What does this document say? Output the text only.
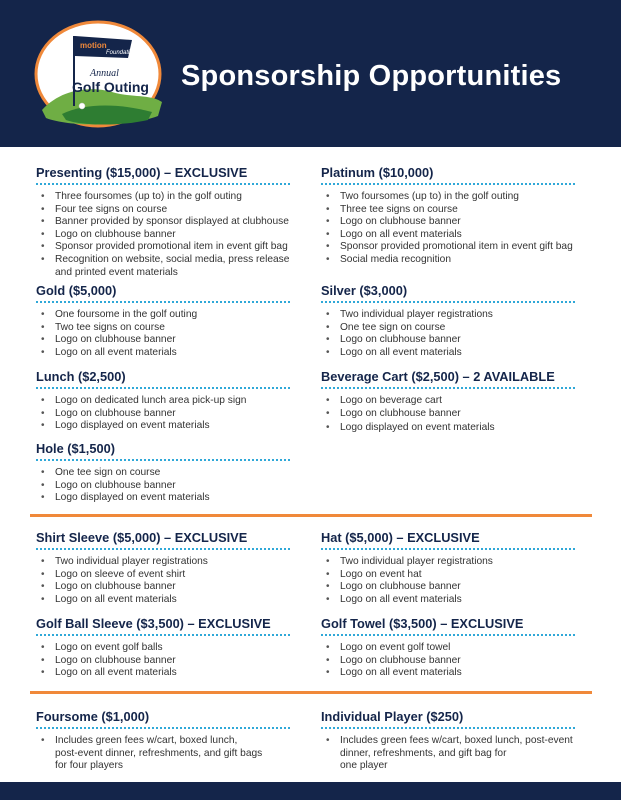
motion
Foundation
Annual
Golf Outing Sponsorship Opportunities
Presenting ($15,000) – EXCLUSIVE
• Three foursomes (up to) in the golf outing
• Four tee signs on course
• Banner provided by sponsor displayed at clubhouse
• Logo on clubhouse banner
• Sponsor provided promotional item in event gift bag
• Recognition on website, social media, press release
and printed event materials
Platinum ($10,000)
• Two foursomes (up to) in the golf outing
• Three tee signs on course
• Logo on clubhouse banner
• Logo on all event materials
• Sponsor provided promotional item in event gift bag
• Social media recognition
Gold ($5,000)
• One foursome in the golf outing
• Two tee signs on course
• Logo on clubhouse banner
• Logo on all event materials
Silver ($3,000)
• Two individual player registrations
• One tee sign on course
• Logo on clubhouse banner
• Logo on all event materials
Lunch ($2,500)
• Logo on dedicated lunch area pick-up sign
• Logo on clubhouse banner
• Logo displayed on event materials
Beverage Cart ($2,500) – 2 AVAILABLE
• Logo on beverage cart
• Logo on clubhouse banner
• Logo displayed on event materials
Hole ($1,500)
• One tee sign on course
• Logo on clubhouse banner
• Logo displayed on event materials
Shirt Sleeve ($5,000) – EXCLUSIVE
• Two individual player registrations
• Logo on sleeve of event shirt
• Logo on clubhouse banner
• Logo on all event materials
Hat ($5,000) – EXCLUSIVE
• Two individual player registrations
• Logo on event hat
• Logo on clubhouse banner
• Logo on all event materials
Golf Ball Sleeve ($3,500) – EXCLUSIVE
• Logo on event golf balls
• Logo on clubhouse banner
• Logo on all event materials
Golf Towel ($3,500) – EXCLUSIVE
• Logo on event golf towel
• Logo on clubhouse banner
• Logo on all event materials
Foursome ($1,000)
• Includes green fees w/cart, boxed lunch,
post-event dinner, refreshments, and gift bags
for four players
Individual Player ($250)
• Includes green fees w/cart, boxed lunch, post-event
dinner, refreshments, and gift bag for
one player
